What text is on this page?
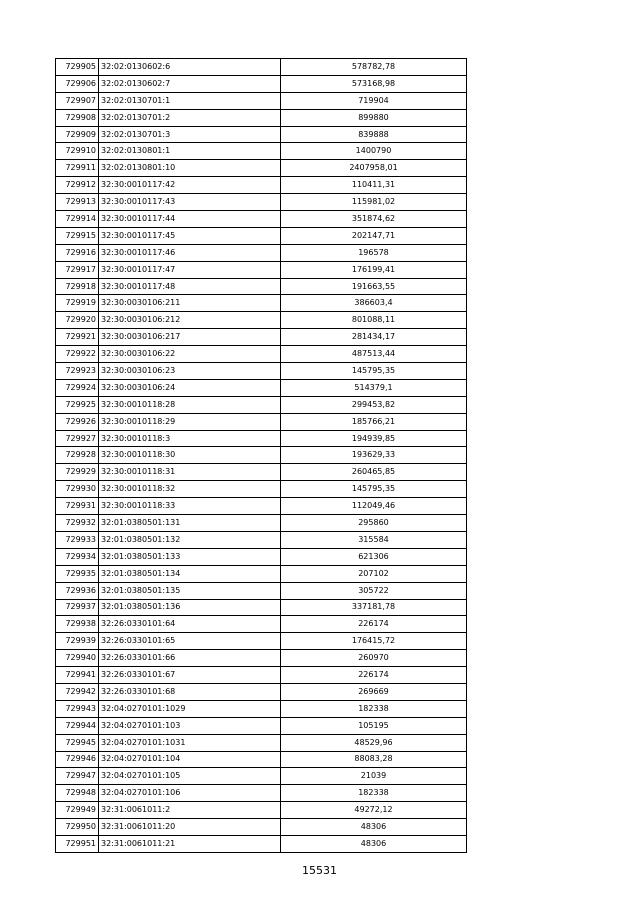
729905	32:02:0130602:6	578782,78
729906	32:02:0130602:7	573168,98
729907	32:02:0130701:1	719904
729908	32:02:0130701:2	899880
729909	32:02:0130701:3	839888
729910	32:02:0130801:1	1400790
729911	32:02:0130801:10	2407958,01
729912	32:30:0010117:42	110411,31
729913	32:30:0010117:43	115981,02
729914	32:30:0010117:44	351874,62
729915	32:30:0010117:45	202147,71
729916	32:30:0010117:46	196578
729917	32:30:0010117:47	176199,41
729918	32:30:0010117:48	191663,55
729919	32:30:0030106:211	386603,4
729920	32:30:0030106:212	801088,11
729921	32:30:0030106:217	281434,17
729922	32:30:0030106:22	487513,44
729923	32:30:0030106:23	145795,35
729924	32:30:0030106:24	514379,1
729925	32:30:0010118:28	299453,82
729926	32:30:0010118:29	185766,21
729927	32:30:0010118:3	194939,85
729928	32:30:0010118:30	193629,33
729929	32:30:0010118:31	260465,85
729930	32:30:0010118:32	145795,35
729931	32:30:0010118:33	112049,46
729932	32:01:0380501:131	295860
729933	32:01:0380501:132	315584
729934	32:01:0380501:133	621306
729935	32:01:0380501:134	207102
729936	32:01:0380501:135	305722
729937	32:01:0380501:136	337181,78
729938	32:26:0330101:64	226174
729939	32:26:0330101:65	176415,72
729940	32:26:0330101:66	260970
729941	32:26:0330101:67	226174
729942	32:26:0330101:68	269669
729943	32:04:0270101:1029	182338
729944	32:04:0270101:103	105195
729945	32:04:0270101:1031	48529,96
729946	32:04:0270101:104	88083,28
729947	32:04:0270101:105	21039
729948	32:04:0270101:106	182338
729949	32:31:0061011:2	49272,12
729950	32:31:0061011:20	48306
729951	32:31:0061011:21	48306
15531
